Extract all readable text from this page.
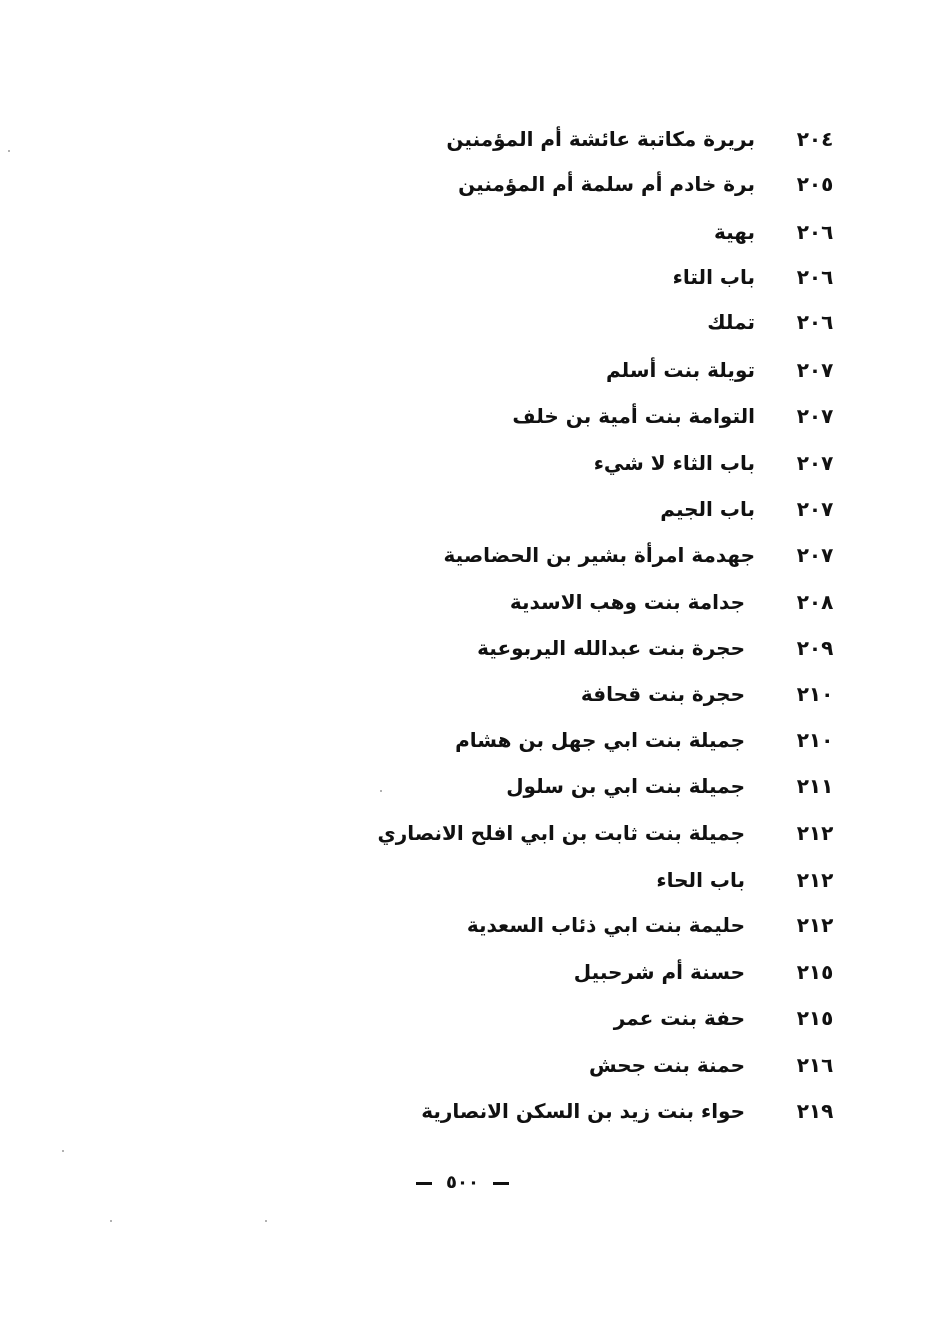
٢٠٤
بريرة مكاتبة عائشة أم المؤمنين
٢٠٥
برة خادم أم سلمة أم المؤمنين
٢٠٦
بهية
٢٠٦
باب التاء
٢٠٦
تملك
٢٠٧
تويلة بنت أسلم
٢٠٧
التوامة بنت أمية بن خلف
٢٠٧
باب الثاء لا شيء
٢٠٧
باب الجيم
٢٠٧
جهدمة امرأة بشير بن الحضاصية
٢٠٨
جدامة بنت وهب الاسدية
٢٠٩
حجرة بنت عبدالله اليربوعية
٢١٠
حجرة بنت قحافة
٢١٠
جميلة بنت ابي جهل بن هشام
٢١١
جميلة بنت ابي بن سلول
٢١٢
جميلة بنت ثابت بن ابي افلح الانصاري
٢١٢
باب الحاء
٢١٢
حليمة بنت ابي ذئاب السعدية
٢١٥
حسنة أم شرحبيل
٢١٥
حفة بنت عمر
٢١٦
حمنة بنت جحش
٢١٩
حواء بنت زيد بن السكن الانصارية
٥٠٠
